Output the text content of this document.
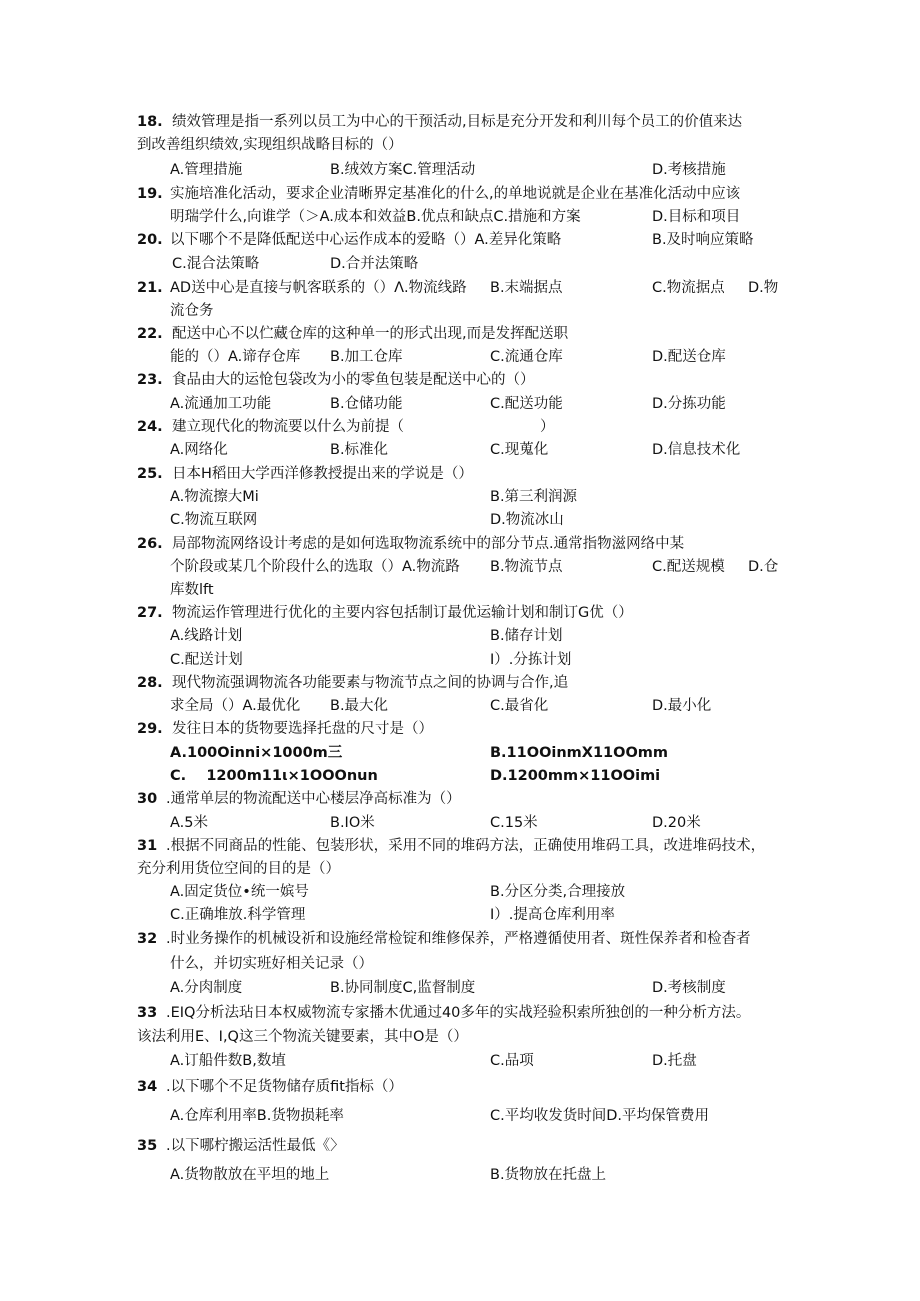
18. 绩效管理是指一系列以员工为中心的干预活动,目标是充分开发和利川每个员工的价值来达
到改善组织绩效,实现组织战略目标的（）
A.管理措施	B.绒效方案C.管理活动	D.考核措施
19. 实施培准化活动，要求企业清晰界定基准化的什么,的单地说就是企业在基准化活动中应该
明瑞学什么,向谁学（＞A.成本和效益B.优点和缺点C.措施和方案	D.目标和项目
20. 以下哪个不是降低配送中心运作成本的爱略（）A.差异化策略	B.及时响应策略
C.混合法策略	D.合并法策略
21. AD送中心是直接与帆客联系的（）Λ.物流线路 B.末端据点	C.物流据点 D.物
流仓务
22. 配送中心不以伫藏仓库的这种单一的形式出现,而是发挥配送职
能的（）A.谛存仓库 B.加工仓库	C.流通仓库	D.配送仓库
23. 食品由大的运怆包袋改为小的零鱼包装是配送中心的（）
A.流通加工功能	B.仓储功能	C.配送功能	D.分拣功能
24. 建立现代化的物流要以什么为前提（	）
A.网络化	B.标准化	C.现蒐化	D.信息技术化
25. 日本H稻田大学西洋修教授提出来的学说是（）
A.物流擦大Mi	B.第三利润源
C.物流互联网	D.物流冰山
26. 局部物流网络设计考虑的是如何选取物流系统中的部分节点.通常指物滋网络中某
个阶段或某几个阶段什么的选取（）A.物流路 B.物流节点	C.配送规模 D.仓
库数lft
27. 物流运作管理进行优化的主要内容包括制订最优运输计划和制订G优（）
A.线路计划	B.储存计划
C.配送计划	I）.分拣计划
28. 现代物流强调物流各功能要素与物流节点之间的协调与合作,追
求全局（）A.最优化 B.最大化	C.最省化	D.最小化
29. 发往日本的货物要选择托盘的尺寸是（）
A.100Oinni×1000m三	B.11OOinmX11OOmm
C.    1200m11ι×1OOOnun	D.1200mm×11OOimi
30 .通常单层的物流配送中心楼层净高标准为（）
A.5米	B.IO米	C.15米	D.20米
31 .根据不同商品的性能、包装形状，采用不同的堆码方法，正确使用堆码工具，改进堆码技术，
充分利用货位空间的目的是（）
A.固定货位•统一嫔号	B.分区分类,合理接放
C.正确堆放.科学管理	I）.提高仓库利用率
32 .时业务操作的机械设祈和设施经常检锭和维修保养，严格遵循使用者、斑性保养者和检杳者
什么，并切实班好相关记录（）
A.分肉制度	B.协同制度C,监督制度	D.考核制度
33 .EIQ分析法玷日本权威物流专家播木优通过40多年的实战羟验积索所独创的一种分析方法。
该法利用E、I,Q这三个物流关键要素，其中O是（）
A.订船件数B,数埴	C.品项	D.托盘
34 .以下哪个不足货物储存质fit指标（）
A.仓库利用率B.货物损耗率	C.平均收发货时间D.平均保管费用
35 .以下哪柠搬运活性最低《〉
A.货物散放在平坦的地上	B.货物放在托盘上
